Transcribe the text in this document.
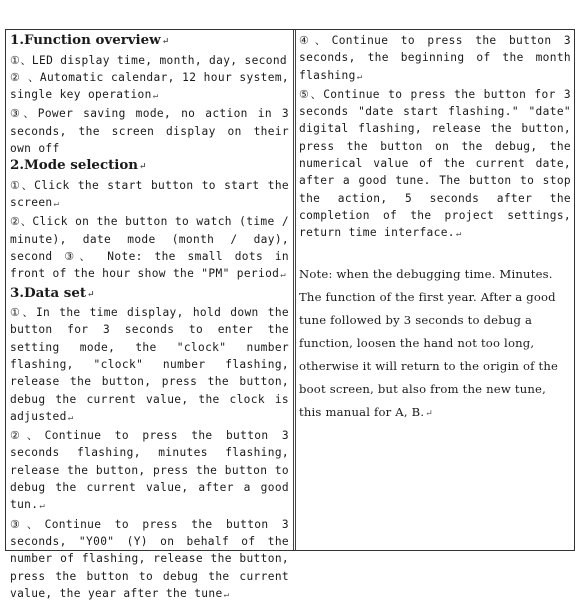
1.Function overview↵

①、LED display time, month, day, second

② 、Automatic calendar, 12 hour system, single key operation↵

③、Power saving mode, no action in 3 seconds, the screen display on their own off

2.Mode selection↵

①、Click the start button to start the screen↵

②、Click on the button to watch (time / minute), date mode (month / day), second ③、 Note: the small dots in front of the hour show the "PM" period↵

3.Data set↵

①、In the time display, hold down the button for 3 seconds to enter the setting mode, the "clock" number flashing, "clock" number flashing, release the button, press the button, debug the current value, the clock is adjusted↵

②、Continue to press the button 3 seconds flashing, minutes flashing, release the button, press the button to debug the current value, after a good tun.↵

③、Continue to press the button 3 seconds, "Y00" (Y) on behalf of the number of flashing, release the button, press the button to debug the current value, the year after the tune↵

④、Continue to press the button 3 seconds, the beginning of the month flashing↵

⑤、Continue to press the button for 3 seconds "date start flashing." "date" digital flashing, release the button, press the button on the debug, the numerical value of the current date, after a good tune. The button to stop the action, 5 seconds after the completion of the project settings, return time interface.↵

Note: when the debugging time. Minutes. The function of the first year. After a good tune followed by 3 seconds to debug a function, loosen the hand not too long, otherwise it will return to the origin of the boot screen, but also from the new tune, this manual for A, B.↵
